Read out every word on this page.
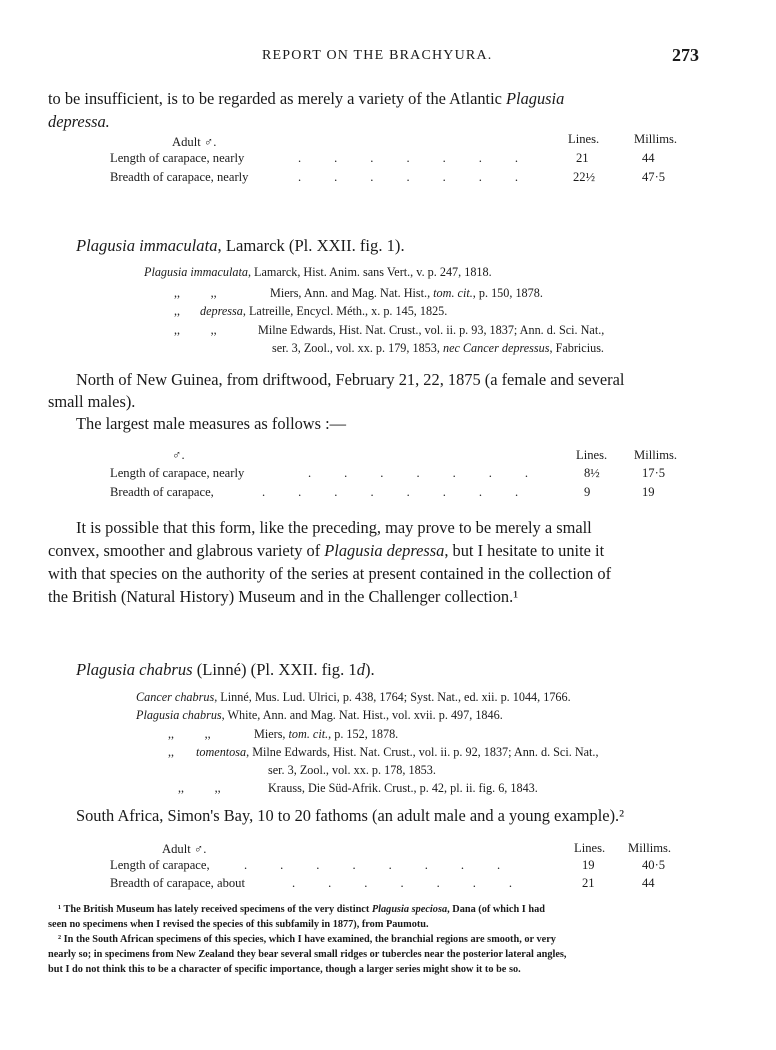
REPORT ON THE BRACHYURA.	273
to be insufficient, is to be regarded as merely a variety of the Atlantic Plagusia
depressa.
Adult ♂.	Lines.	Millims.
Length of carapace, nearly	....... 21	44
Breadth of carapace, nearly	....... 22½	47·5
Plagusia immaculata, Lamarck (Pl. XXII. fig. 1).
Plagusia immaculata, Lamarck, Hist. Anim. sans Vert., v. p. 247, 1818.
,,          ,,	Miers, Ann. and Mag. Nat. Hist., tom. cit., p. 150, 1878.
,, depressa, Latreille, Encycl. Méth., x. p. 145, 1825.
,,          ,,	Milne Edwards, Hist. Nat. Crust., vol. ii. p. 93, 1837; Ann. d. Sci. Nat.,
ser. 3, Zool., vol. xx. p. 179, 1853, nec Cancer depressus, Fabricius.
North of New Guinea, from driftwood, February 21, 22, 1875 (a female and several
small males).
The largest male measures as follows :—
♂.	Lines. Millims.
Length of carapace, nearly	....... 8½	17·5
Breadth of carapace,	........	9	19
It is possible that this form, like the preceding, may prove to be merely a small
convex, smoother and glabrous variety of Plagusia depressa, but I hesitate to unite it
with that species on the authority of the series at present contained in the collection of
the British (Natural History) Museum and in the Challenger collection.¹
Plagusia chabrus (Linné) (Pl. XXII. fig. 1d).
Cancer chabrus, Linné, Mus. Lud. Ulrici, p. 438, 1764; Syst. Nat., ed. xii. p. 1044, 1766.
Plagusia chabrus, White, Ann. and Mag. Nat. Hist., vol. xvii. p. 497, 1846.
,,          ,,	Miers, tom. cit., p. 152, 1878.
,, tomentosa, Milne Edwards, Hist. Nat. Crust., vol. ii. p. 92, 1837; Ann. d. Sci. Nat.,
ser. 3, Zool., vol. xx. p. 178, 1853.
,,          ,,	Krauss, Die Süd-Afrik. Crust., p. 42, pl. ii. fig. 6, 1843.
South Africa, Simon's Bay, 10 to 20 fathoms (an adult male and a young example).²
Adult ♂.	Lines. Millims.
Length of carapace,	........	19	40·5
Breadth of carapace, about	.......	21	44
¹ The British Museum has lately received specimens of the very distinct Plagusia speciosa, Dana (of which I had
seen no specimens when I revised the species of this subfamily in 1877), from Paumotu.
² In the South African specimens of this species, which I have examined, the branchial regions are smooth, or very
nearly so; in specimens from New Zealand they bear several small ridges or tubercles near the posterior lateral angles,
but I do not think this to be a character of specific importance, though a larger series might show it to be so.
